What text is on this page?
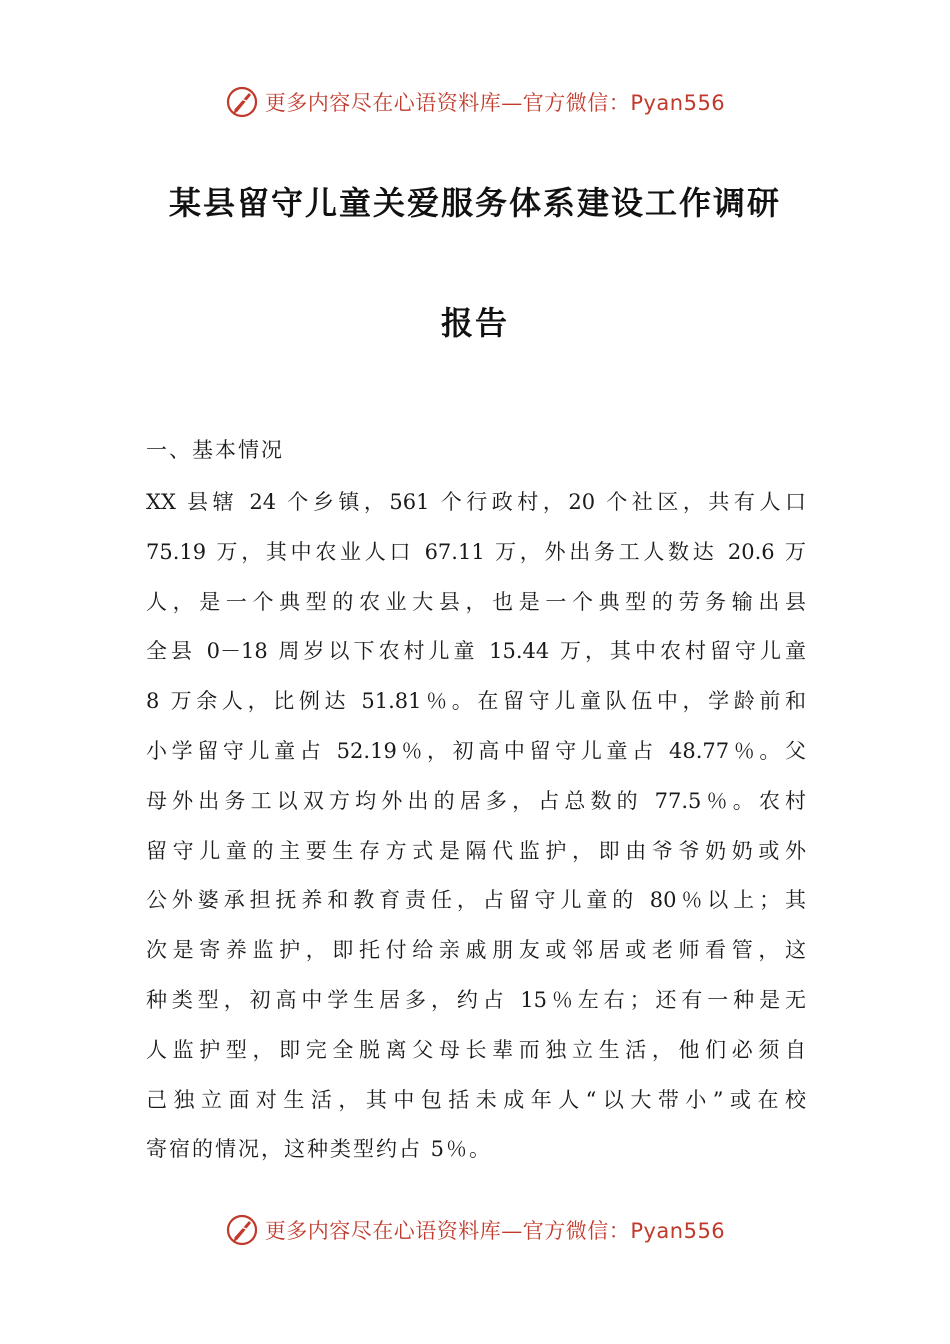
更多内容尽在心语资料库—官方微信：Pyan556
某县留守儿童关爱服务体系建设工作调研
报告
一、基本情况
XX 县辖 24 个乡镇，561 个行政村，20 个社区，共有人口
75.19 万，其中农业人口 67.11 万，外出务工人数达 20.6 万
人，是一个典型的农业大县，也是一个典型的劳务输出县
全县 0－18 周岁以下农村儿童 15.44 万，其中农村留守儿童
8 万余人，比例达 51.81％。在留守儿童队伍中，学龄前和
小学留守儿童占 52.19％，初高中留守儿童占 48.77％。父
母外出务工以双方均外出的居多，占总数的 77.5％。农村
留守儿童的主要生存方式是隔代监护，即由爷爷奶奶或外
公外婆承担抚养和教育责任，占留守儿童的 80％以上；其
次是寄养监护，即托付给亲戚朋友或邻居或老师看管，这
种类型，初高中学生居多，约占 15％左右；还有一种是无
人监护型，即完全脱离父母长辈而独立生活，他们必须自
己独立面对生活，其中包括未成年人“以大带小”或在校
寄宿的情况，这种类型约占 5％。
更多内容尽在心语资料库—官方微信：Pyan556
